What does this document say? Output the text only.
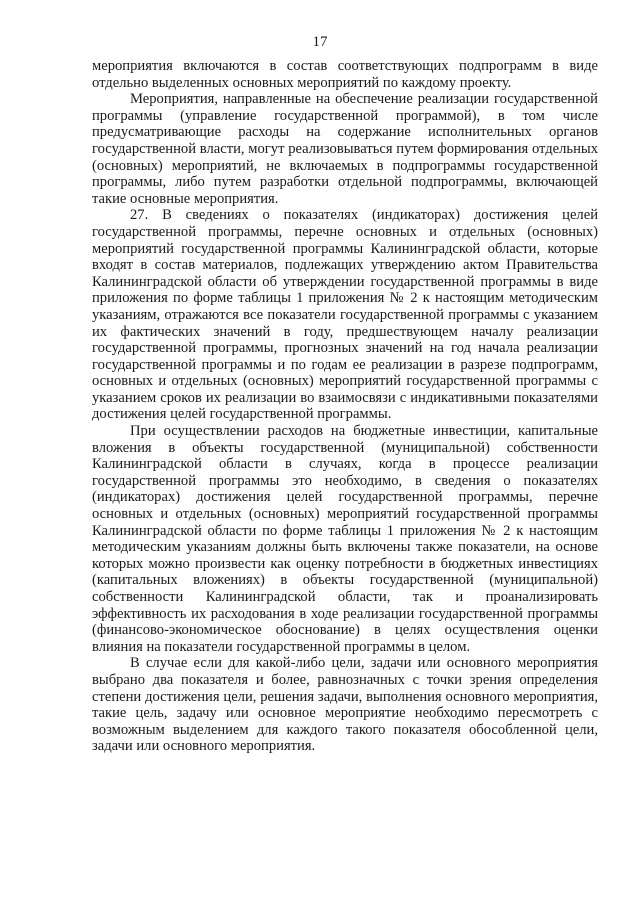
17

мероприятия включаются в состав соответствующих подпрограмм в виде отдельно выделенных основных мероприятий по каждому проекту.

Мероприятия, направленные на обеспечение реализации государственной программы (управление государственной программой), в том числе предусматривающие расходы на содержание исполнительных органов государственной власти, могут реализовываться путем формирования отдельных (основных) мероприятий, не включаемых в подпрограммы государственной программы, либо путем разработки отдельной подпрограммы, включающей такие основные мероприятия.

27. В сведениях о показателях (индикаторах) достижения целей государственной программы, перечне основных и отдельных (основных) мероприятий государственной программы Калининградской области, которые входят в состав материалов, подлежащих утверждению актом Правительства Калининградской области об утверждении государственной программы в виде приложения по форме таблицы 1 приложения № 2 к настоящим методическим указаниям, отражаются все показатели государственной программы с указанием их фактических значений в году, предшествующем началу реализации государственной программы, прогнозных значений на год начала реализации государственной программы и по годам ее реализации в разрезе подпрограмм, основных и отдельных (основных) мероприятий государственной программы с указанием сроков их реализации во взаимосвязи с индикативными показателями достижения целей государственной программы.

При осуществлении расходов на бюджетные инвестиции, капитальные вложения в объекты государственной (муниципальной) собственности Калининградской области в случаях, когда в процессе реализации государственной программы это необходимо, в сведения о показателях (индикаторах) достижения целей государственной программы, перечне основных и отдельных (основных) мероприятий государственной программы Калининградской области по форме таблицы 1 приложения № 2 к настоящим методическим указаниям должны быть включены также показатели, на основе которых можно произвести как оценку потребности в бюджетных инвестициях (капитальных вложениях) в объекты государственной (муниципальной) собственности Калининградской области, так и проанализировать эффективность их расходования в ходе реализации государственной программы (финансово-экономическое обоснование) в целях осуществления оценки влияния на показатели государственной программы в целом.

В случае если для какой-либо цели, задачи или основного мероприятия выбрано два показателя и более, равнозначных с точки зрения определения степени достижения цели, решения задачи, выполнения основного мероприятия, такие цель, задачу или основное мероприятие необходимо пересмотреть с возможным выделением для каждого такого показателя обособленной цели, задачи или основного мероприятия.
